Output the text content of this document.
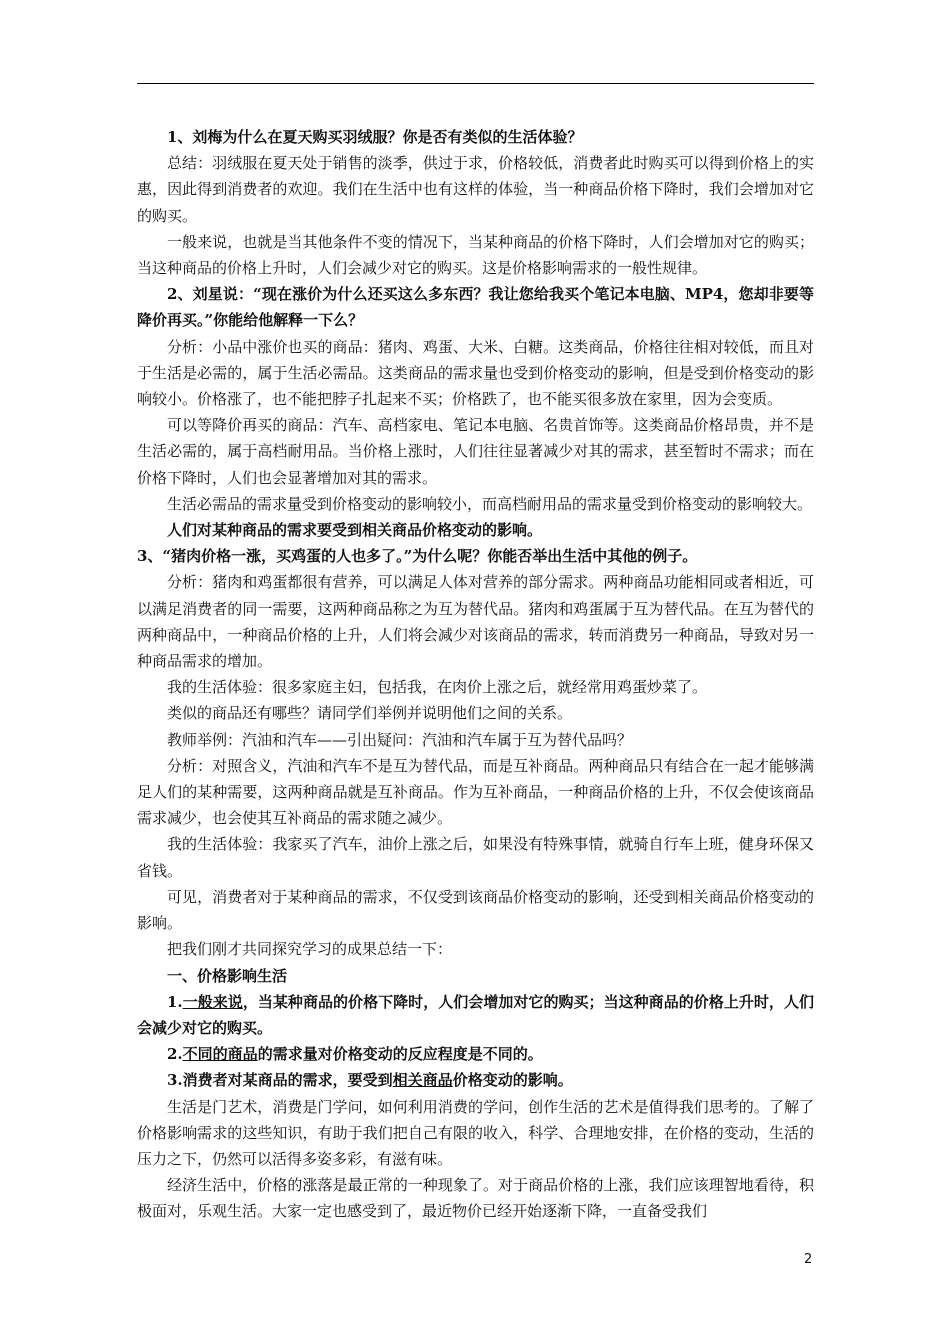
1、刘梅为什么在夏天购买羽绒服？你是否有类似的生活体验？

总结：羽绒服在夏天处于销售的淡季，供过于求，价格较低，消费者此时购买可以得到价格上的实惠，因此得到消费者的欢迎。我们在生活中也有这样的体验，当一种商品价格下降时，我们会增加对它的购买。

一般来说，也就是当其他条件不变的情况下，当某种商品的价格下降时，人们会增加对它的购买；当这种商品的价格上升时，人们会减少对它的购买。这是价格影响需求的一般性规律。

2、刘星说：“现在涨价为什么还买这么多东西？我让您给我买个笔记本电脑、MP4，您却非要等降价再买。”你能给他解释一下么？

分析：小品中涨价也买的商品：猪肉、鸡蛋、大米、白糖。这类商品，价格往往相对较低，而且对于生活是必需的，属于生活必需品。这类商品的需求量也受到价格变动的影响，但是受到价格变动的影响较小。价格涨了，也不能把脖子扎起来不买；价格跌了，也不能买很多放在家里，因为会变质。

可以等降价再买的商品：汽车、高档家电、笔记本电脑、名贵首饰等。这类商品价格昂贵，并不是生活必需的，属于高档耐用品。当价格上涨时，人们往往显著减少对其的需求，甚至暂时不需求；而在价格下降时，人们也会显著增加对其的需求。

生活必需品的需求量受到价格变动的影响较小，而高档耐用品的需求量受到价格变动的影响较大。

人们对某种商品的需求要受到相关商品价格变动的影响。

3、“猪肉价格一涨，买鸡蛋的人也多了。”为什么呢？你能否举出生活中其他的例子。

分析：猪肉和鸡蛋都很有营养，可以满足人体对营养的部分需求。两种商品功能相同或者相近，可以满足消费者的同一需要，这两种商品称之为互为替代品。猪肉和鸡蛋属于互为替代品。在互为替代的两种商品中，一种商品价格的上升，人们将会减少对该商品的需求，转而消费另一种商品，导致对另一种商品需求的增加。

我的生活体验：很多家庭主妇，包括我，在肉价上涨之后，就经常用鸡蛋炒菜了。

类似的商品还有哪些？请同学们举例并说明他们之间的关系。

教师举例：汽油和汽车——引出疑问：汽油和汽车属于互为替代品吗？

分析：对照含义，汽油和汽车不是互为替代品，而是互补商品。两种商品只有结合在一起才能够满足人们的某种需要，这两种商品就是互补商品。作为互补商品，一种商品价格的上升，不仅会使该商品需求减少，也会使其互补商品的需求随之减少。

我的生活体验：我家买了汽车，油价上涨之后，如果没有特殊事情，就骑自行车上班，健身环保又省钱。

可见，消费者对于某种商品的需求，不仅受到该商品价格变动的影响，还受到相关商品价格变动的影响。

把我们刚才共同探究学习的成果总结一下：

一、价格影响生活

1.一般来说，当某种商品的价格下降时，人们会增加对它的购买；当这种商品的价格上升时，人们会减少对它的购买。

2.不同的商品的需求量对价格变动的反应程度是不同的。

3.消费者对某商品的需求，要受到相关商品价格变动的影响。

生活是门艺术，消费是门学问，如何利用消费的学问，创作生活的艺术是值得我们思考的。了解了价格影响需求的这些知识，有助于我们把自己有限的收入，科学、合理地安排，在价格的变动，生活的压力之下，仍然可以活得多姿多彩，有滋有味。

经济生活中，价格的涨落是最正常的一种现象了。对于商品价格的上涨，我们应该理智地看待，积极面对，乐观生活。大家一定也感受到了，最近物价已经开始逐渐下降，一直备受我们

2
